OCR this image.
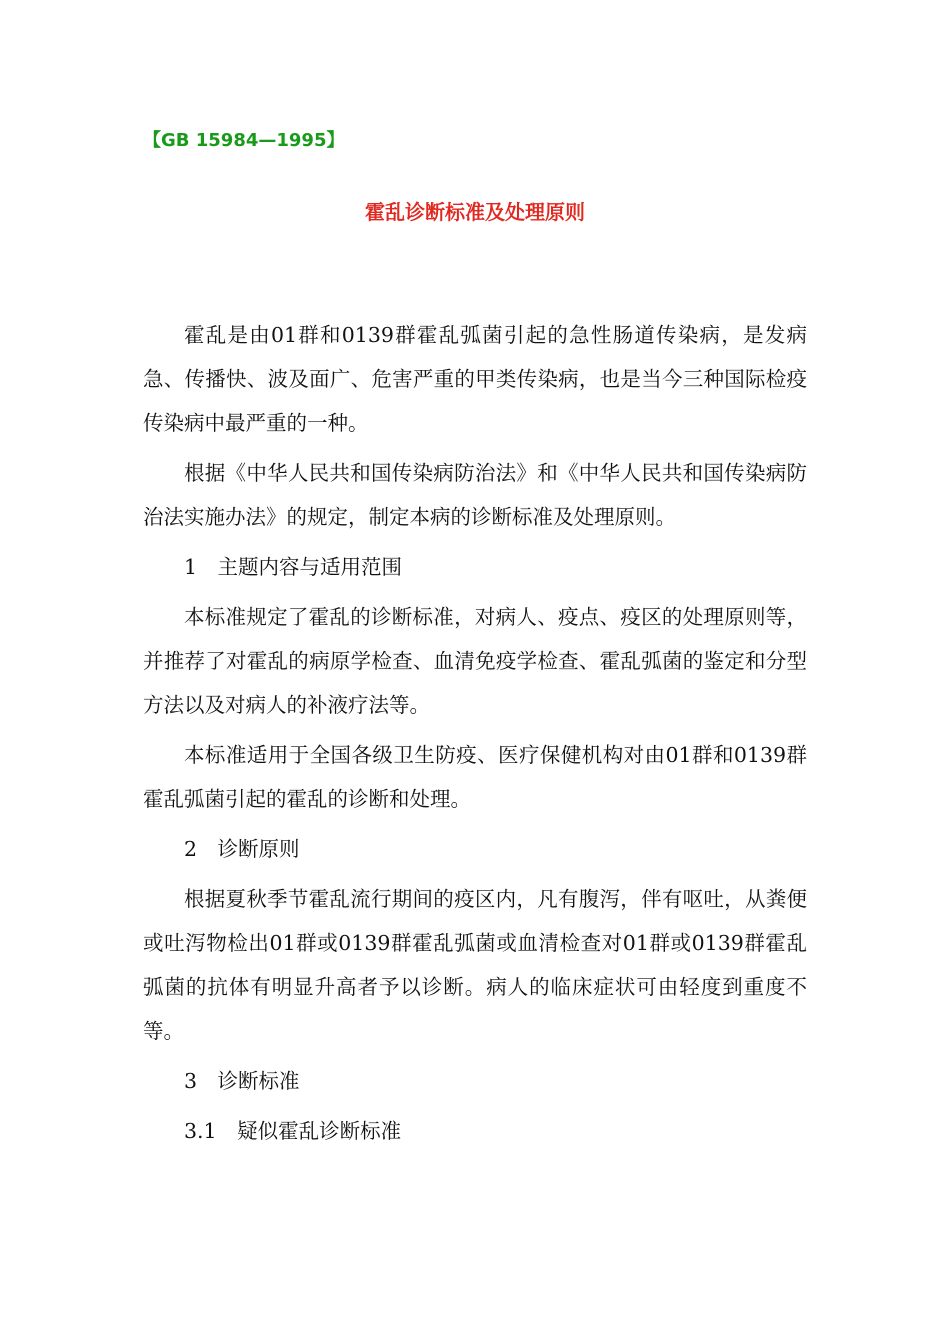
【GB 15984—1995】
霍乱诊断标准及处理原则

霍乱是由01群和0139群霍乱弧菌引起的急性肠道传染病，是发病急、传播快、波及面广、危害严重的甲类传染病，也是当今三种国际检疫传染病中最严重的一种。

根据《中华人民共和国传染病防治法》和《中华人民共和国传染病防治法实施办法》的规定，制定本病的诊断标准及处理原则。

1　主题内容与适用范围

本标准规定了霍乱的诊断标准，对病人、疫点、疫区的处理原则等，并推荐了对霍乱的病原学检查、血清免疫学检查、霍乱弧菌的鉴定和分型方法以及对病人的补液疗法等。

本标准适用于全国各级卫生防疫、医疗保健机构对由01群和0139群霍乱弧菌引起的霍乱的诊断和处理。

2　诊断原则

根据夏秋季节霍乱流行期间的疫区内，凡有腹泻，伴有呕吐，从粪便或吐泻物检出01群或0139群霍乱弧菌或血清检查对01群或0139群霍乱弧菌的抗体有明显升高者予以诊断。病人的临床症状可由轻度到重度不等。

3　诊断标准

3.1　疑似霍乱诊断标准
